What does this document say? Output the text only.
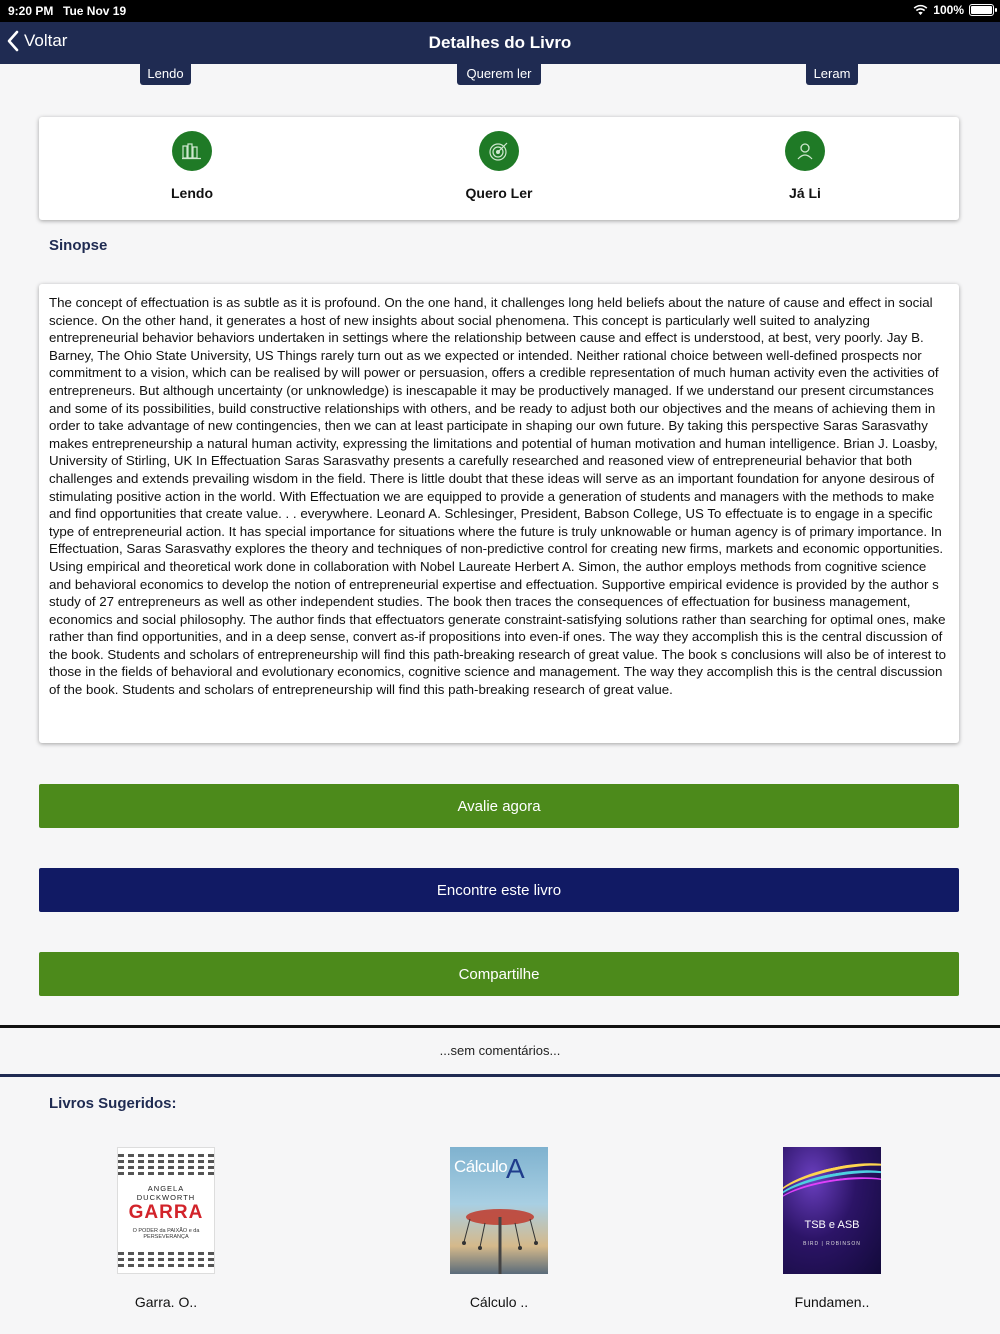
9:20 PM Tue Nov 19	100%
Voltar	Detalhes do Livro
Lendo	Querem ler	Leram
Lendo	Quero Ler	Já Li
Sinopse

The concept of effectuation is as subtle as it is profound. On the one hand, it challenges long held beliefs about the nature of cause and effect in social science. On the other hand, it generates a host of new insights about social phenomena. This concept is particularly well suited to analyzing entrepreneurial behavior behaviors undertaken in settings where the relationship between cause and effect is understood, at best, very poorly. Jay B. Barney, The Ohio State University, US Things rarely turn out as we expected or intended. Neither rational choice between well-defined prospects nor commitment to a vision, which can be realised by will power or persuasion, offers a credible representation of much human activity even the activities of entrepreneurs. But although uncertainty (or unknowledge) is inescapable it may be productively managed. If we understand our present circumstances and some of its possibilities, build constructive relationships with others, and be ready to adjust both our objectives and the means of achieving them in order to take advantage of new contingencies, then we can at least participate in shaping our own future. By taking this perspective Saras Sarasvathy makes entrepreneurship a natural human activity, expressing the limitations and potential of human motivation and human intelligence. Brian J. Loasby, University of Stirling, UK In Effectuation Saras Sarasvathy presents a carefully researched and reasoned view of entrepreneurial behavior that both challenges and extends prevailing wisdom in the field. There is little doubt that these ideas will serve as an important foundation for anyone desirous of stimulating positive action in the world. With Effectuation we are equipped to provide a generation of students and managers with the methods to make and find opportunities that create value. . . everywhere. Leonard A. Schlesinger, President, Babson College, US To effectuate is to engage in a specific type of entrepreneurial action. It has special importance for situations where the future is truly unknowable or human agency is of primary importance. In Effectuation, Saras Sarasvathy explores the theory and techniques of non-predictive control for creating new firms, markets and economic opportunities. Using empirical and theoretical work done in collaboration with Nobel Laureate Herbert A. Simon, the author employs methods from cognitive science and behavioral economics to develop the notion of entrepreneurial expertise and effectuation. Supportive empirical evidence is provided by the author s study of 27 entrepreneurs as well as other independent studies. The book then traces the consequences of effectuation for business management, economics and social philosophy. The author finds that effectuators generate constraint-satisfying solutions rather than searching for optimal ones, make rather than find opportunities, and in a deep sense, convert as-if propositions into even-if ones. The way they accomplish this is the central discussion of the book. Students and scholars of entrepreneurship will find this path-breaking research of great value. The book s conclusions will also be of interest to those in the fields of behavioral and evolutionary economics, cognitive science and management. The way they accomplish this is the central discussion of the book. Students and scholars of entrepreneurship will find this path-breaking research of great value.

Avalie agora
Encontre este livro
Compartilhe
...sem comentários...
Livros Sugeridos:
ANGELA DUCKWORTH
GARRA
O PODER da PAIXÃO e da PERSEVERANÇA
Garra. O..
Cálculo
A
Cálculo ..
TSB e ASB
BIRD | ROBINSON
Fundamen..
